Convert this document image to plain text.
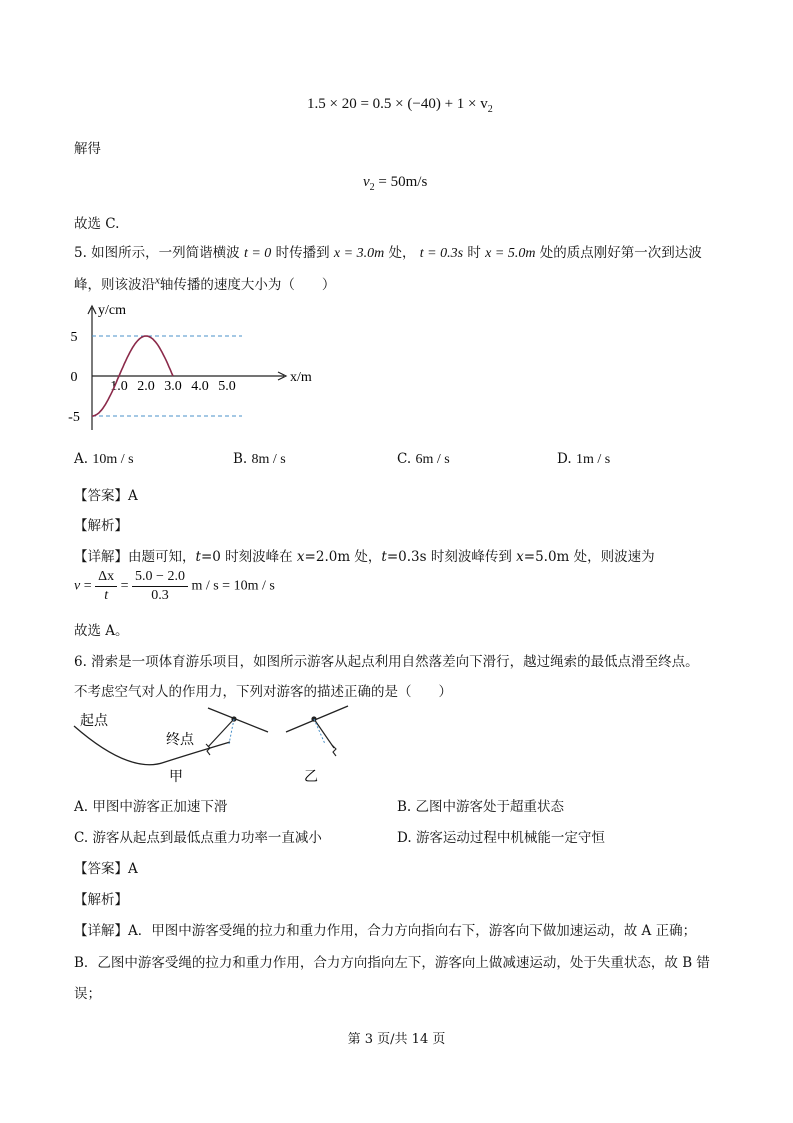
$1.5 \times 20 = 0.5 \times (-40) + 1 \times v_2$
解得
$v_2 = 50m/s$
故选 C.
5. 如图所示，一列简谐横波 t = 0 时传播到 x = 3.0m 处， t = 0.3s 时 x = 5.0m 处的质点刚好第一次到达波
峰，则该波沿$^x$轴传播的速度大小为（　　）
y/cm
5
0
-5
1.0 2.0 3.0 4.0 5.0
x/m
A. 10m / s	B. 8m / s	C. 6m / s	D. 1m / s
【答案】A
【解析】
【详解】由题可知，t=0 时刻波峰在 x=2.0m 处，t=0.3s 时刻波峰传到 x=5.0m 处，则波速为
$v = \frac{\Delta x}{t} = \frac{5.0 - 2.0}{0.3}$ m / s = 10m / s
故选 A。
6. 滑索是一项体育游乐项目，如图所示游客从起点利用自然落差向下滑行，越过绳索的最低点滑至终点。
不考虑空气对人的作用力，下列对游客的描述正确的是（　　）
起点
终点
甲	乙
A. 甲图中游客正加速下滑	B. 乙图中游客处于超重状态
C. 游客从起点到最低点重力功率一直减小	D. 游客运动过程中机械能一定守恒
【答案】A
【解析】
【详解】A．甲图中游客受绳的拉力和重力作用，合力方向指向右下，游客向下做加速运动，故 A 正确；
B．乙图中游客受绳的拉力和重力作用，合力方向指向左下，游客向上做减速运动，处于失重状态，故 B 错
误；
第 3 页/共 14 页
